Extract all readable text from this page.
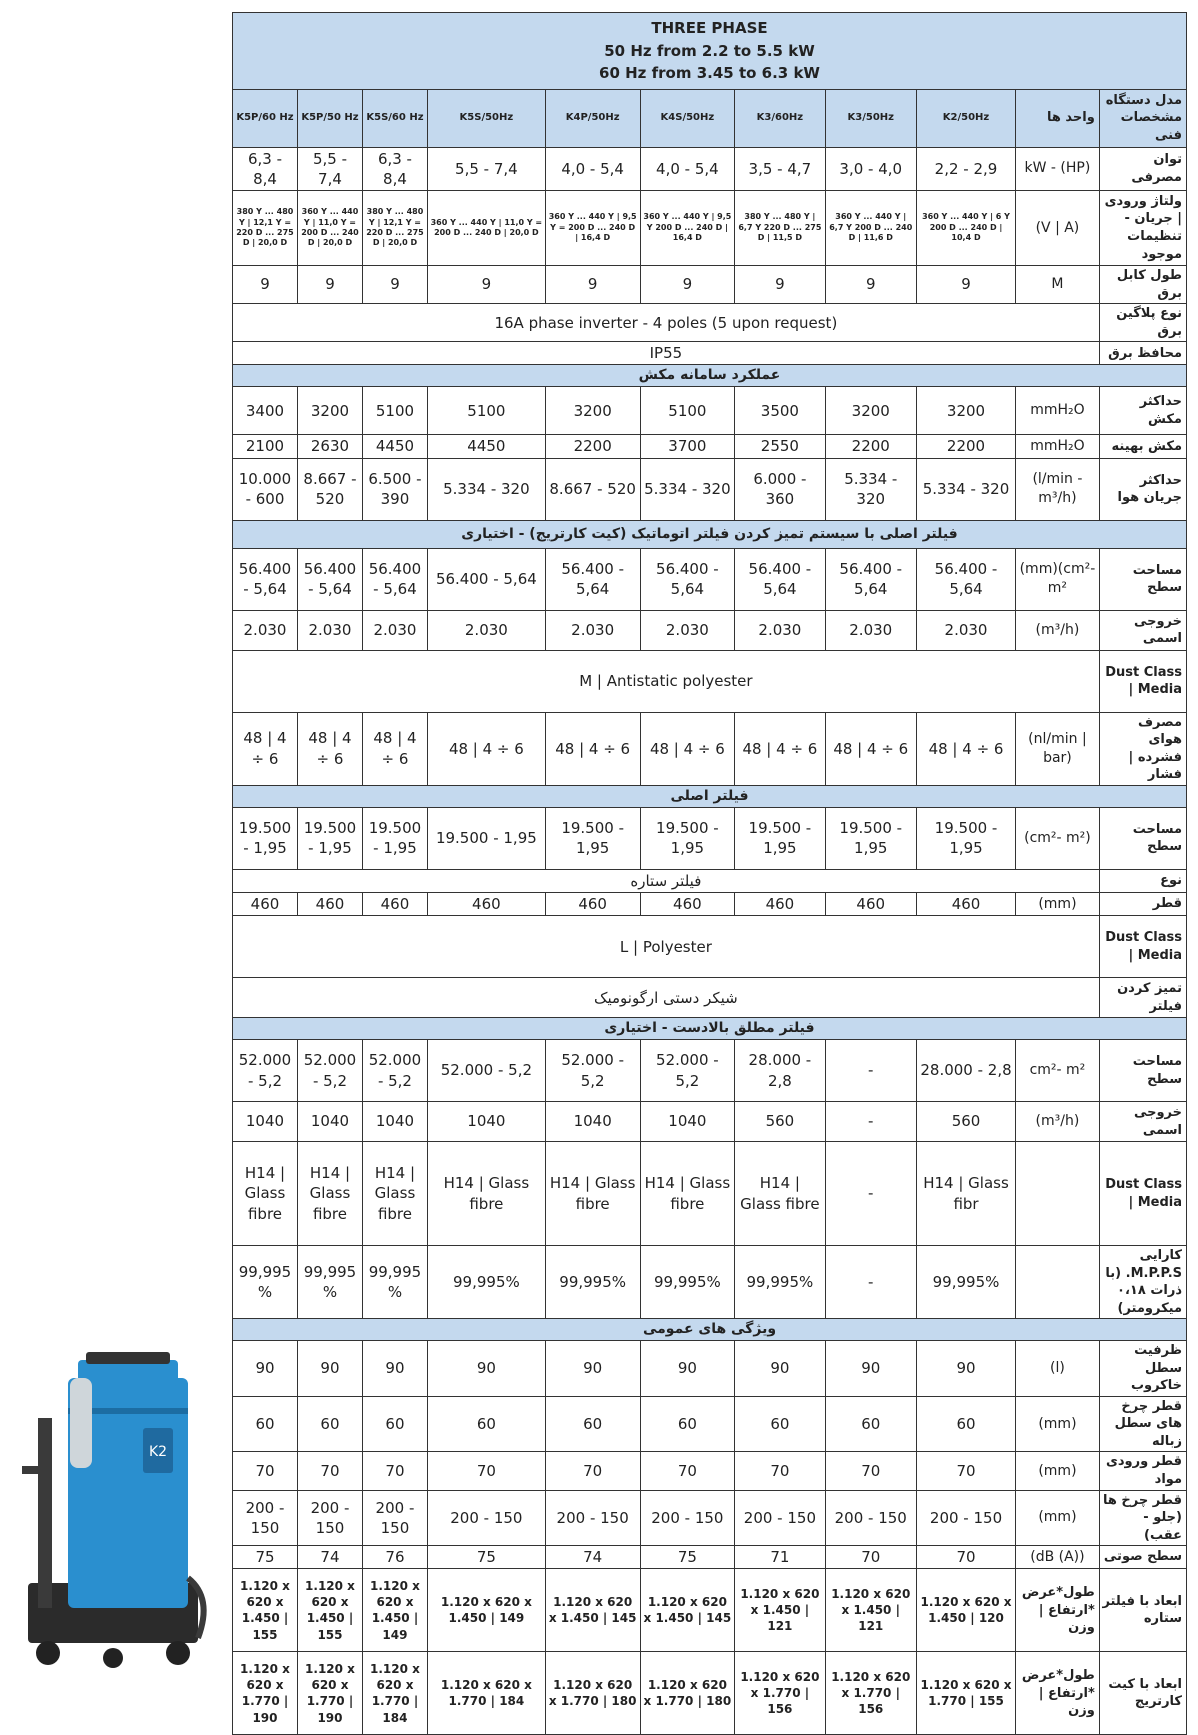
K2
THREE PHASE
50 Hz from 2.2 to 5.5 kW
60 Hz from 3.45 to 6.3 kW										

K5P/60 Hz	K5P/50 Hz	K5S/60 Hz	K5S/50Hz	K4P/50Hz	K4S/50Hz	K3/60Hz	K3/50Hz	K2/50Hz	واحد ها	مدل دستگاه
مشخصات فنی

6,3 - 8,4	5,5 - 7,4	6,3 - 8,4	5,5 - 7,4	4,0 - 5,4	4,0 - 5,4	3,5 - 4,7	3,0 - 4,0	2,2 - 2,9	kW - (HP)	توان مصرفی
380 Y ... 480 Y | 12,1 Y = 220 D ... 275 D | 20,0 D	360 Y ... 440 Y | 11,0 Y = 200 D ... 240 D | 20,0 D	380 Y ... 480 Y | 12,1 Y = 220 D ... 275 D | 20,0 D	360 Y ... 440 Y | 11,0 Y = 200 D ... 240 D | 20,0 D	360 Y ... 440 Y | 9,5 Y = 200 D ... 240 D | 16,4 D	360 Y ... 440 Y | 9,5 Y 200 D ... 240 D | 16,4 D	380 Y ... 480 Y | 6,7 Y 220 D ... 275 D | 11,5 D	360 Y ... 440 Y | 6,7 Y 200 D ... 240 D | 11,6 D	360 Y ... 440 Y | 6 Y 200 D ... 240 D | 10,4 D	(V | A)	ولتاژ ورودی | جریان - تنظیمات موجود
9	9	9	9	9	9	9	9	9	M	طول کابل برق
16A phase inverter - 4 poles (5 upon request)										نوع پلاگین برق
IP55										محافظ برق
عملکرد سامانه مکش										
3400	3200	5100	5100	3200	5100	3500	3200	3200	mmH₂O	حداکثر مکش
2100	2630	4450	4450	2200	3700	2550	2200	2200	mmH₂O	مکش بهینه
10.000 - 600	8.667 - 520	6.500 - 390	5.334 - 320	8.667 - 520	5.334 - 320	6.000 - 360	5.334 - 320	5.334 - 320	(l/min - m³/h)	حداکثر جریان هوا
فیلتر اصلی با سیستم تمیز کردن فیلتر اتوماتیک (کیت کارتریج) - اختیاری										
56.400 - 5,64	56.400 - 5,64	56.400 - 5,64	56.400 - 5,64	56.400 - 5,64	56.400 - 5,64	56.400 - 5,64	56.400 - 5,64	56.400 - 5,64	(mm)(cm²- m²	مساحت سطح
2.030	2.030	2.030	2.030	2.030	2.030	2.030	2.030	2.030	(m³/h)	خروجی اسمی
M | Antistatic polyester										Dust Class | Media
48 | 4 ÷ 6	48 | 4 ÷ 6	48 | 4 ÷ 6	48 | 4 ÷ 6	48 | 4 ÷ 6	48 | 4 ÷ 6	48 | 4 ÷ 6	48 | 4 ÷ 6	48 | 4 ÷ 6	(nl/min | bar)	مصرف هوای فشرده | فشار
فیلتر اصلی										
19.500 - 1,95	19.500 - 1,95	19.500 - 1,95	19.500 - 1,95	19.500 - 1,95	19.500 - 1,95	19.500 - 1,95	19.500 - 1,95	19.500 - 1,95	(cm²- m²)	مساحت سطح
فیلتر ستاره										نوع
460	460	460	460	460	460	460	460	460	(mm)	قطر
L | Polyester										Dust Class | Media
شیکر دستی ارگونومیک										تمیز کردن فیلتر
فیلتر مطلق بالادست - اختیاری										
52.000 - 5,2	52.000 - 5,2	52.000 - 5,2	52.000 - 5,2	52.000 - 5,2	52.000 - 5,2	28.000 - 2,8	-	28.000 - 2,8	cm²- m²	مساحت سطح
1040	1040	1040	1040	1040	1040	560	-	560	(m³/h)	خروجی اسمی
H14 | Glass fibre	H14 | Glass fibre	H14 | Glass fibre	H14 | Glass fibre	H14 | Glass fibre	H14 | Glass fibre	H14 | Glass fibre	-	H14 | Glass fibr		Dust Class | Media
99,995%	99,995%	99,995%	99,995%	99,995%	99,995%	99,995%	-	99,995%		کارایی M.P.P.S. (با ذرات ۰،۱۸ میکرومتر)
ویژگی های عمومی										
90	90	90	90	90	90	90	90	90	(l)	ظرفیت سطل خاکروب
60	60	60	60	60	60	60	60	60	(mm)	قطر چرخ های سطل زباله
70	70	70	70	70	70	70	70	70	(mm)	قطر ورودی مواد
200 - 150	200 - 150	200 - 150	200 - 150	200 - 150	200 - 150	200 - 150	200 - 150	200 - 150	(mm)	قطر چرخ ها (جلو - عقب)
75	74	76	75	74	75	71	70	70	(dB (A))	سطح صوتی
1.120 x 620 x 1.450 | 155	1.120 x 620 x 1.450 | 155	1.120 x 620 x 1.450 | 149	1.120 x 620 x 1.450 | 149	1.120 x 620 x 1.450 | 145	1.120 x 620 x 1.450 | 145	1.120 x 620 x 1.450 | 121	1.120 x 620 x 1.450 | 121	1.120 x 620 x 1.450 | 120	طول*عرض*ارتفاع | وزن	ابعاد با فیلتر ستاره
1.120 x 620 x 1.770 | 190	1.120 x 620 x 1.770 | 190	1.120 x 620 x 1.770 | 184	1.120 x 620 x 1.770 | 184	1.120 x 620 x 1.770 | 180	1.120 x 620 x 1.770 | 180	1.120 x 620 x 1.770 | 156	1.120 x 620 x 1.770 | 156	1.120 x 620 x 1.770 | 155	طول*عرض*ارتفاع | وزن	ابعاد با کیت کارتریج
